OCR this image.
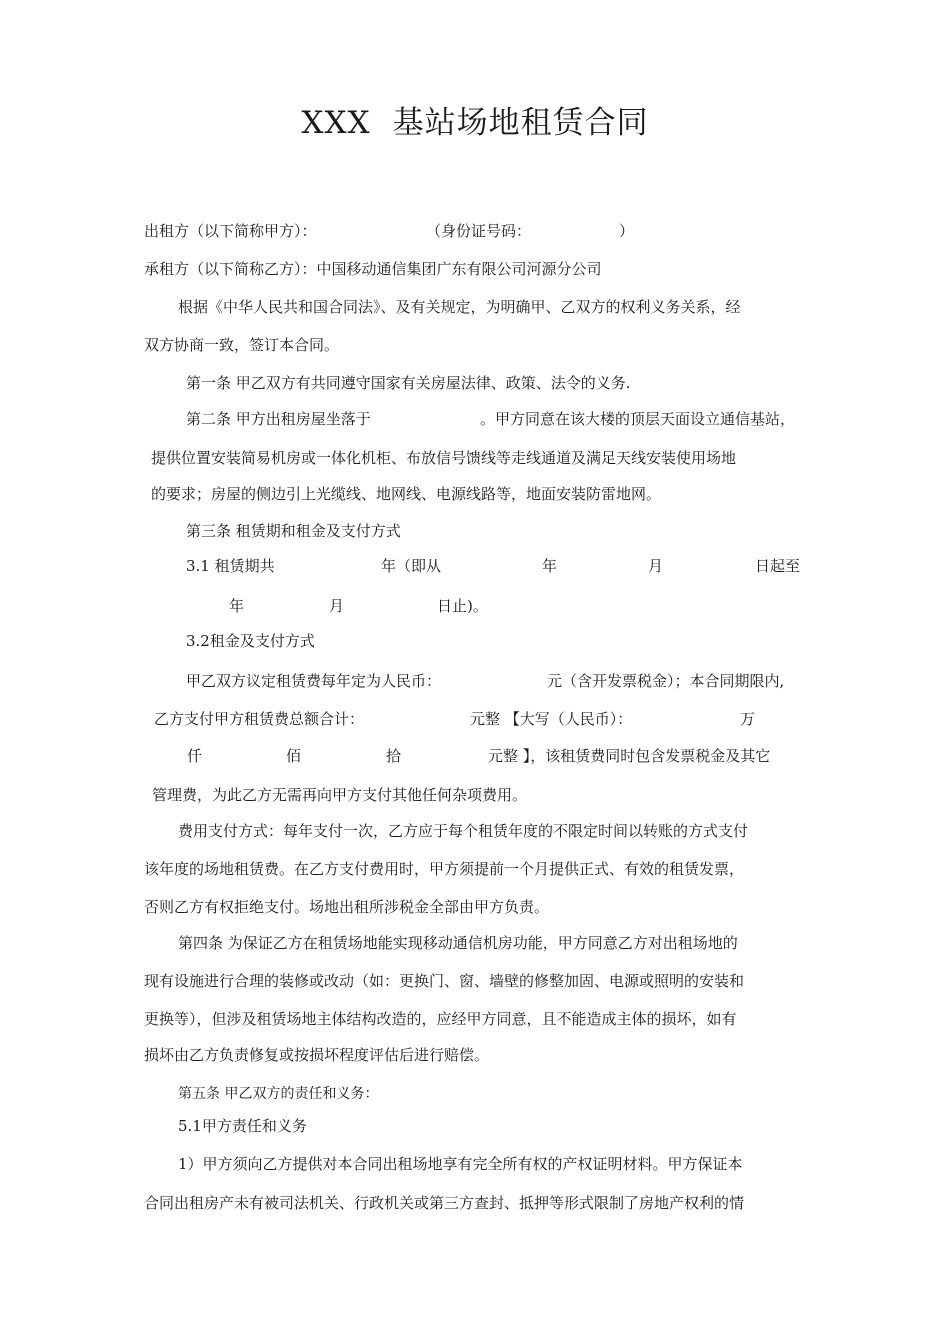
XXX 基站场地租赁合同
出租方（以下简称甲方）：	（身份证号码：	）
承租方（以下简称乙方）：中国移动通信集团广东有限公司河源分公司
根据《中华人民共和国合同法》、及有关规定，为明确甲、乙双方的权利义务关系，经
双方协商一致，签订本合同。
第一条 甲乙双方有共同遵守国家有关房屋法律、政策、法令的义务.
第二条 甲方出租房屋坐落于	。甲方同意在该大楼的顶层天面设立通信基站，
提供位置安装简易机房或一体化机柜、布放信号馈线等走线通道及满足天线安装使用场地
的要求；房屋的侧边引上光缆线、地网线、电源线路等，地面安装防雷地网。
第三条 租赁期和租金及支付方式
3.1 租赁期共	年（即从	年	月	日起至
年	月	日止)。
3.2租金及支付方式
甲乙双方议定租赁费每年定为人民币：	元（含开发票税金）；本合同期限内,
乙方支付甲方租赁费总额合计：	元整 【大写（人民币）：	万
仟	佰	拾	元整 】，该租赁费同时包含发票税金及其它
管理费，为此乙方无需再向甲方支付其他任何杂项费用。
费用支付方式：每年支付一次，乙方应于每个租赁年度的不限定时间以转账的方式支付
该年度的场地租赁费。在乙方支付费用时，甲方须提前一个月提供正式、有效的租赁发票，
否则乙方有权拒绝支付。场地出租所涉税金全部由甲方负责。
第四条 为保证乙方在租赁场地能实现移动通信机房功能，甲方同意乙方对出租场地的
现有设施进行合理的装修或改动（如：更换门、窗、墙壁的修整加固、电源或照明的安装和
更换等），但涉及租赁场地主体结构改造的，应经甲方同意，且不能造成主体的损坏，如有
损坏由乙方负责修复或按损坏程度评估后进行赔偿。
第五条 甲乙双方的责任和义务：
5.1甲方责任和义务
1）甲方须向乙方提供对本合同出租场地享有完全所有权的产权证明材料。甲方保证本
合同出租房产未有被司法机关、行政机关或第三方查封、抵押等形式限制了房地产权利的情
